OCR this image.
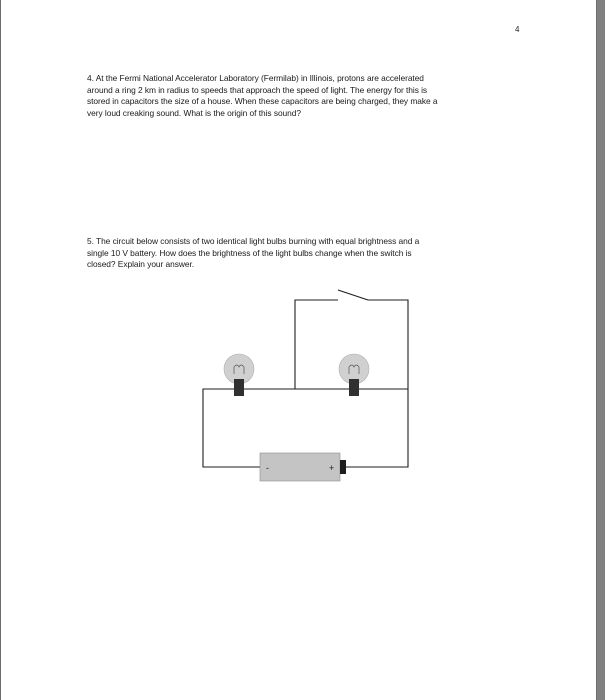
4
4. At the Fermi National Accelerator Laboratory (Fermilab) in Illinois, protons are accelerated
around a ring 2 km in radius to speeds that approach the speed of light. The energy for this is
stored in capacitors the size of a house. When these capacitors are being charged, they make a
very loud creaking sound. What is the origin of this sound?
5. The circuit below consists of two identical light bulbs burning with equal brightness and a
single 10 V battery. How does the brightness of the light bulbs change when the switch is
closed? Explain your answer.
-	+
